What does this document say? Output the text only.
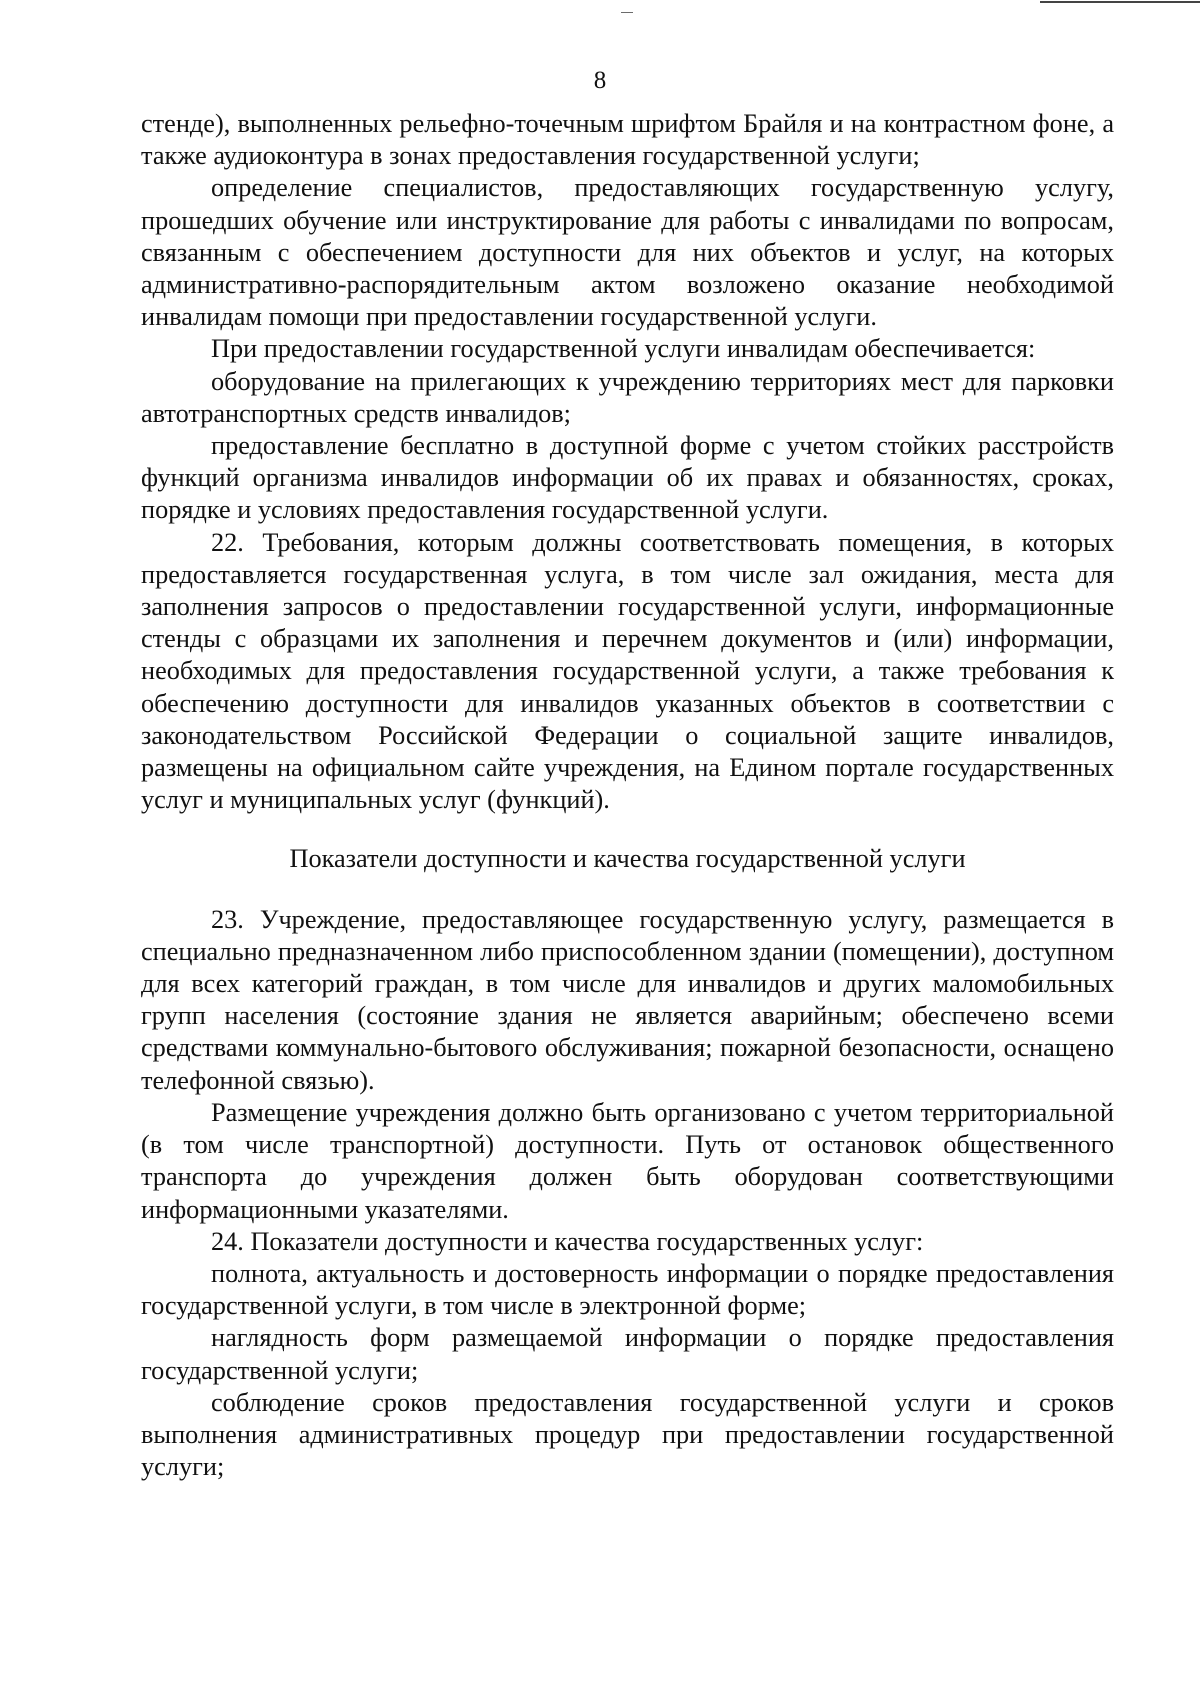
8

стенде), выполненных рельефно-точечным шрифтом Брайля и на контрастном фоне, а также аудиоконтура в зонах предоставления государственной услуги;

определение специалистов, предоставляющих государственную услугу, прошедших обучение или инструктирование для работы с инвалидами по вопросам, связанным с обеспечением доступности для них объектов и услуг, на которых административно-распорядительным актом возложено оказание необходимой инвалидам помощи при предоставлении государственной услуги.

При предоставлении государственной услуги инвалидам обеспечивается:

оборудование на прилегающих к учреждению территориях мест для парковки автотранспортных средств инвалидов;

предоставление бесплатно в доступной форме с учетом стойких расстройств функций организма инвалидов информации об их правах и обязанностях, сроках, порядке и условиях предоставления государственной услуги.

22. Требования, которым должны соответствовать помещения, в которых предоставляется государственная услуга, в том числе зал ожидания, места для заполнения запросов о предоставлении государственной услуги, информационные стенды с образцами их заполнения и перечнем документов и (или) информации, необходимых для предоставления государственной услуги, а также требования к обеспечению доступности для инвалидов указанных объектов в соответствии с законодательством Российской Федерации о социальной защите инвалидов, размещены на официальном сайте учреждения, на Едином портале государственных услуг и муниципальных услуг (функций).

Показатели доступности и качества государственной услуги

23. Учреждение, предоставляющее государственную услугу, размещается в специально предназначенном либо приспособленном здании (помещении), доступном для всех категорий граждан, в том числе для инвалидов и других маломобильных групп населения (состояние здания не является аварийным; обеспечено всеми средствами коммунально-бытового обслуживания; пожарной безопасности, оснащено телефонной связью).

Размещение учреждения должно быть организовано с учетом территориальной (в том числе транспортной) доступности. Путь от остановок общественного транспорта до учреждения должен быть оборудован соответствующими информационными указателями.

24. Показатели доступности и качества государственных услуг:

полнота, актуальность и достоверность информации о порядке предоставления государственной услуги, в том числе в электронной форме;

наглядность форм размещаемой информации о порядке предоставления государственной услуги;

соблюдение сроков предоставления государственной услуги и сроков выполнения административных процедур при предоставлении государственной услуги;
